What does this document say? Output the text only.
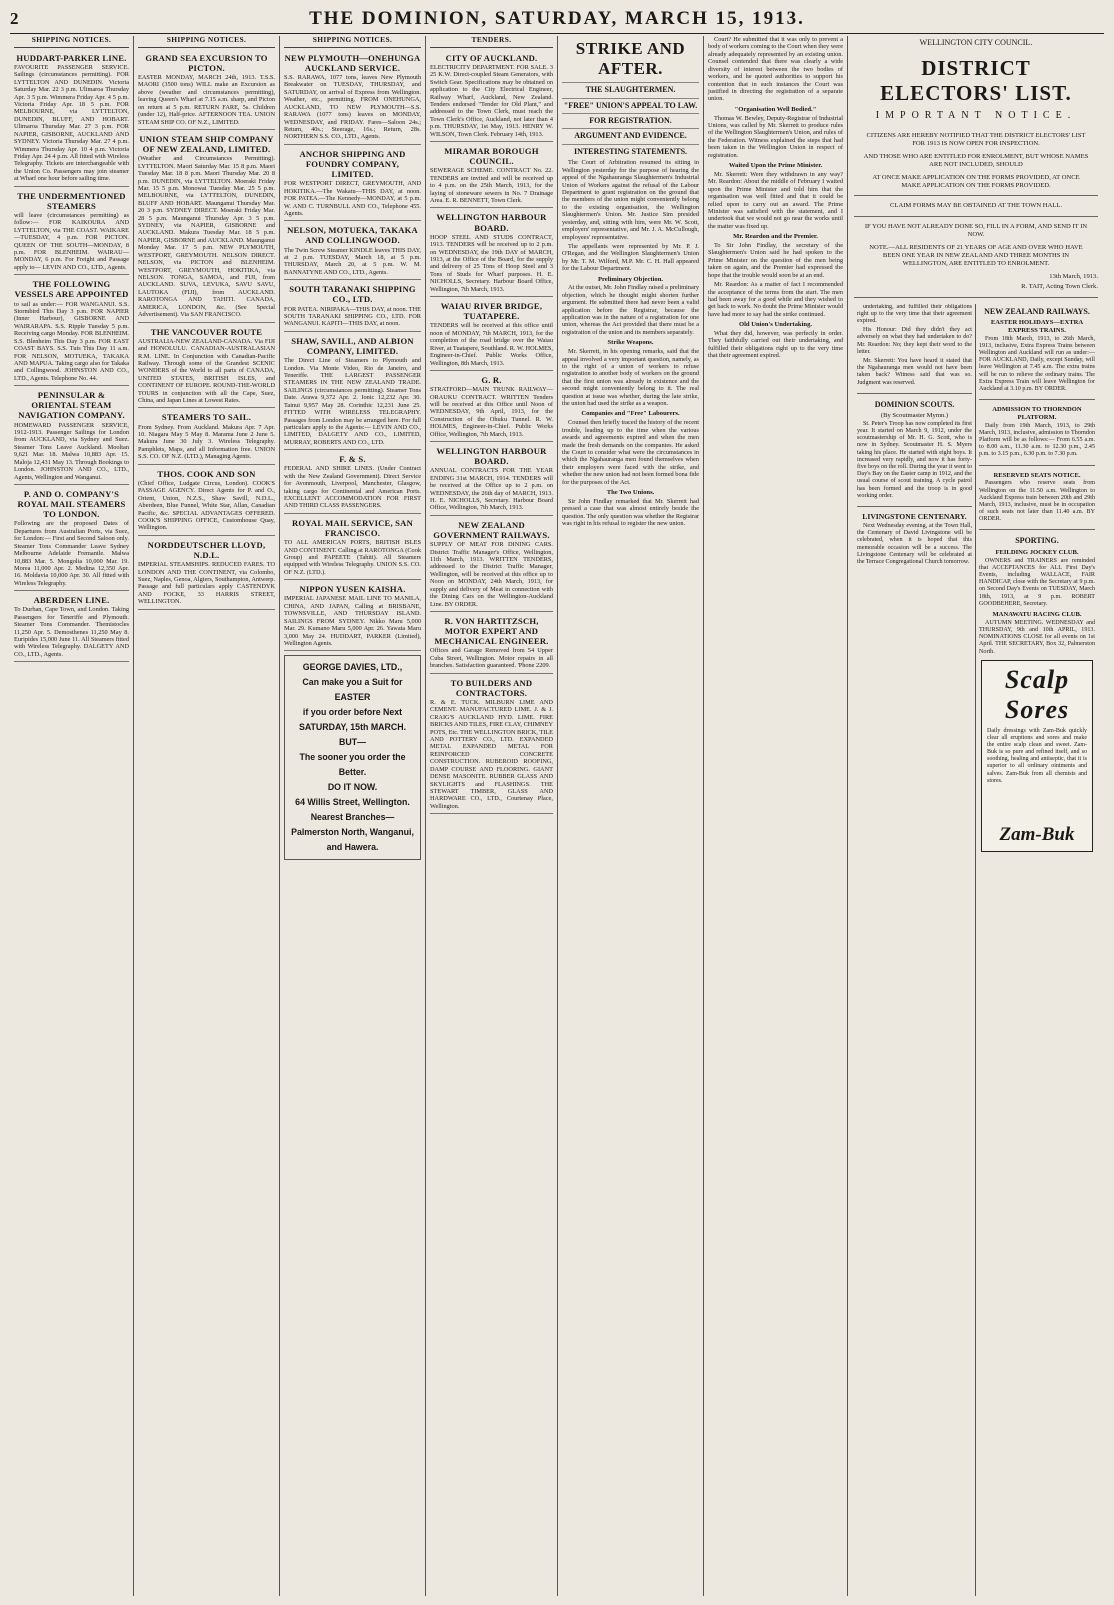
2	THE DOMINION, SATURDAY, MARCH 15, 1913.
SHIPPING NOTICES.
HUDDART-PARKER LINE.

FAVOURITE PASSENGER SERVICE. Sailings (circumstances permitting). FOR LYTTELTON AND DUNEDIN. Victoria Saturday Mar. 22 3 p.m. Ulimaroa Thursday Apr. 3 5 p.m. Wimmera Friday Apr. 4 5 p.m. Victoria Friday Apr. 18 5 p.m. FOR MELBOURNE, via LYTTELTON, DUNEDIN, BLUFF, AND HOBART. Ulimaroa Thursday Mar. 27 3 p.m. FOR NAPIER, GISBORNE, AUCKLAND AND SYDNEY. Victoria Thursday Mar. 27 4 p.m. Wimmera Thursday Apr. 10 4 p.m. Victoria Friday Apr. 24 4 p.m. All fitted with Wireless Telegraphy. Tickets are interchangeable with the Union Co. Passengers may join steamer at Wharf one hour before sailing time.

THE UNDERMENTIONED STEAMERS

will leave (circumstances permitting) as follow:— FOR KAIKOURA AND LYTTELTON, via THE COAST. WAIKARE—TUESDAY, 4 p.m. FOR PICTON. QUEEN OF THE SOUTH—MONDAY, 8 p.m. FOR BLENHEIM. WAIRAU—MONDAY, 6 p.m. For Freight and Passage apply to— LEVIN AND CO., LTD., Agents.

THE FOLLOWING VESSELS ARE APPOINTED

to sail as under:— FOR WANGANUI. S.S. Stormbird This Day 3 p.m. FOR NAPIER (Inner Harbour), GISBORNE AND WAIRARAPA. S.S. Ripple Tuesday 5 p.m. Receiving cargo Monday. FOR BLENHEIM. S.S. Blenheim This Day 3 p.m. FOR EAST COAST BAYS. S.S. Tuis This Day 11 a.m. FOR NELSON, MOTUEKA, TAKAKA AND MAPUA. Taking cargo also for Takaka and Collingwood. JOHNSTON AND CO., LTD., Agents. Telephone No. 44.

PENINSULAR & ORIENTAL STEAM NAVIGATION COMPANY.

HOMEWARD PASSENGER SERVICE, 1912-1913. Passenger Sailings for London from AUCKLAND, via Sydney and Suez. Steamer Tons Leave Auckland. Mooltan 9,621 Mar. 18. Malwa 10,883 Apr. 15. Maloja 12,431 May 13. Through Bookings to London. JOHNSTON AND CO., LTD., Agents, Wellington and Wanganui.

P. AND O. COMPANY'S ROYAL MAIL STEAMERS TO LONDON.

Following are the proposed Dates of Departures from Australian Ports, via Suez, for London:— First and Second Saloon only. Steamer Tons Commander Leave Sydney Melbourne Adelaide Fremantle. Malwa 10,883 Mar. 5. Mongolia 10,000 Mar. 19. Morea 11,000 Apr. 2. Medina 12,350 Apr. 16. Moldavia 10,000 Apr. 30. All fitted with Wireless Telegraphy.

ABERDEEN LINE.

To Durban, Cape Town, and London. Taking Passengers for Teneriffe and Plymouth. Steamer Tons Commander. Themistocles 11,250 Apr. 5. Demosthenes 11,250 May 8. Euripides 15,000 June 11. All Steamers fitted with Wireless Telegraphy. DALGETY AND CO., LTD., Agents.

SHIPPING NOTICES.
GRAND SEA EXCURSION TO PICTON.

EASTER MONDAY, MARCH 24th, 1913. T.S.S. MAORI (3500 tons) WILL make an Excursion as above (weather and circumstances permitting), leaving Queen's Wharf at 7.15 a.m. sharp, and Picton on return at 5 p.m. RETURN FARE, 5s. Children (under 12), Half-price. AFTERNOON TEA. UNION STEAM SHIP CO. OF N.Z., LIMITED.

UNION STEAM SHIP COMPANY OF NEW ZEALAND, LIMITED.

(Weather and Circumstances Permitting). LYTTELTON. Maori Saturday Mar. 15 8 p.m. Maori Tuesday Mar. 18 8 p.m. Maori Thursday Mar. 20 8 p.m. DUNEDIN, via LYTTELTON. Moeraki Friday Mar. 15 5 p.m. Monowai Tuesday Mar. 25 5 p.m. MELBOURNE, via LYTTELTON, DUNEDIN, BLUFF AND HOBART. Maunganui Thursday Mar. 20 3 p.m. SYDNEY DIRECT. Moeraki Friday Mar. 28 5 p.m. Maunganui Thursday Apr. 3 5 p.m. SYDNEY, via NAPIER, GISBORNE and AUCKLAND. Makura Tuesday Mar. 18 5 p.m. NAPIER, GISBORNE and AUCKLAND. Maunganui Monday Mar. 17 5 p.m. NEW PLYMOUTH, WESTPORT, GREYMOUTH. NELSON DIRECT. NELSON, via PICTON and BLENHEIM. WESTPORT, GREYMOUTH, HOKITIKA, via NELSON. TONGA, SAMOA, and FIJI, from AUCKLAND. SUVA, LEVUKA, SAVU SAVU, LAUTOKA (FIJI), from AUCKLAND. RAROTONGA AND TAHITI. CANADA, AMERICA, LONDON, &c. (See Special Advertisement). Via SAN FRANCISCO.

THE VANCOUVER ROUTE

AUSTRALIA-NEW ZEALAND-CANADA. Via FIJI and HONOLULU. CANADIAN-AUSTRALASIAN R.M. LINE. In Conjunction with Canadian-Pacific Railway. Through some of the Grandest SCENIC WONDERS of the World to all parts of CANADA, UNITED STATES, BRITISH ISLES, and CONTINENT OF EUROPE. ROUND-THE-WORLD TOURS in conjunction with all the Cape, Suez, China, and Japan Lines at Lowest Rates.

STEAMERS TO SAIL.

From Sydney. From Auckland. Makura Apr. 7 Apr. 10. Niagara May 5 May 8. Marama June 2 June 5. Makura June 30 July 3. Wireless Telegraphy. Pamphlets, Maps, and all Information free. UNION S.S. CO. OF N.Z. (LTD.), Managing Agents.

THOS. COOK AND SON

(Chief Office, Ludgate Circus, London). COOK'S PASSAGE AGENCY. Direct Agents for P. and O., Orient, Union, N.Z.S., Shaw Savill, N.D.L., Aberdeen, Blue Funnel, White Star, Allan, Canadian Pacific, &c. SPECIAL ADVANTAGES OFFERED. COOK'S SHIPPING OFFICE, Customhouse Quay, Wellington.

NORDDEUTSCHER LLOYD, N.D.L.

IMPERIAL STEAMSHIPS. REDUCED FARES. TO LONDON AND THE CONTINENT, via Colombo, Suez, Naples, Genoa, Algiers, Southampton, Antwerp. Passage and full particulars apply CASTENDYK AND FOCKE, 33 HARRIS STREET, WELLINGTON.

SHIPPING NOTICES.
NEW PLYMOUTH—ONEHUNGA AUCKLAND SERVICE.

S.S. RARAWA, 1077 tons, leaves New Plymouth Breakwater on TUESDAY, THURSDAY, and SATURDAY, on arrival of Express from Wellington. Weather, etc., permitting. FROM ONEHUNGA, AUCKLAND, TO NEW PLYMOUTH—S.S. RARAWA (1077 tons) leaves on MONDAY, WEDNESDAY, and FRIDAY. Fares—Saloon 24s.; Return, 40s.; Steerage, 16s.; Return, 28s. NORTHERN S.S. CO., LTD., Agents.

ANCHOR SHIPPING AND FOUNDRY COMPANY, LIMITED.

FOR WESTPORT DIRECT, GREYMOUTH, AND HOKITIKA.—The Wakatu—THIS DAY, at noon. FOR PATEA.—The Kennedy—MONDAY, at 5 p.m. W. AND C. TURNBULL AND CO., Telephone 455. Agents.

NELSON, MOTUEKA, TAKAKA AND COLLINGWOOD.

The Twin Screw Steamer KINDLE leaves THIS DAY, at 2 p.m. TUESDAY, March 18, at 5 p.m. THURSDAY, March 20, at 5 p.m. W. M. BANNATYNE AND CO., LTD., Agents.

SOUTH TARANAKI SHIPPING CO., LTD.

FOR PATEA. NIRIPAKA—THIS DAY, at noon. THE SOUTH TARANAKI SHIPPING CO., LTD. FOR WANGANUI. KAPITI—THIS DAY, at noon.

SHAW, SAVILL, AND ALBION COMPANY, LIMITED.

The Direct Line of Steamers to Plymouth and London. Via Monte Video, Rio de Janeiro, and Teneriffe. THE LARGEST PASSENGER STEAMERS IN THE NEW ZEALAND TRADE. SAILINGS (circumstances permitting). Steamer Tons Date. Arawa 9,372 Apr. 2. Ionic 12,232 Apr. 30. Tainui 9,957 May 28. Corinthic 12,231 June 25. FITTED WITH WIRELESS TELEGRAPHY. Passages from London may be arranged here. For full particulars apply to the Agents:— LEVIN AND CO., LIMITED, DALGETY AND CO., LIMITED, MURRAY, ROBERTS AND CO., LTD.

F. & S.

FEDERAL AND SHIRE LINES. (Under Contract with the New Zealand Government). Direct Service for Avonmouth, Liverpool, Manchester, Glasgow, taking cargo for Continental and American Ports. EXCELLENT ACCOMMODATION FOR FIRST AND THIRD CLASS PASSENGERS.

ROYAL MAIL SERVICE, SAN FRANCISCO.

TO ALL AMERICAN PORTS, BRITISH ISLES AND CONTINENT. Calling at RAROTONGA (Cook Group) and PAPEETE (Tahiti). All Steamers equipped with Wireless Telegraphy. UNION S.S. CO. OF N.Z. (LTD.).

NIPPON YUSEN KAISHA.

IMPERIAL JAPANESE MAIL LINE TO MANILA, CHINA, AND JAPAN, Calling at BRISBANE, TOWNSVILLE, AND THURSDAY ISLAND. SAILINGS FROM SYDNEY. Nikko Maru 5,000 Mar. 29. Kumano Maru 5,000 Apr. 26. Yawata Maru 3,000 May 24. HUDDART, PARKER (Limited), Wellington Agents.

GEORGE DAVIES, LTD.,
Can make you a Suit for
EASTER
if you order before Next
SATURDAY, 15th MARCH.
BUT—
The sooner you order the
Better.
DO IT NOW.
64 Willis Street, Wellington.
Nearest Branches—Palmerston North, Wanganui, and Hawera.
TENDERS.
CITY OF AUCKLAND.

ELECTRICITY DEPARTMENT. FOR SALE. 3 25 K.W. Direct-coupled Steam Generators, with Switch Gear. Specifications may be obtained on application to the City Electrical Engineer, Railway Wharf, Auckland, New Zealand. Tenders endorsed "Tender for Old Plant," and addressed to the Town Clerk, must reach the Town Clerk's Office, Auckland, not later than 4 p.m. THURSDAY, 1st May, 1913. HENRY W. WILSON, Town Clerk. February 14th, 1913.

MIRAMAR BOROUGH COUNCIL.

SEWERAGE SCHEME. CONTRACT No. 22. TENDERS are invited and will be received up to 4 p.m. on the 25th March, 1913, for the laying of stoneware sewers in No. 7 Drainage Area. E. R. BENNETT, Town Clerk.

WELLINGTON HARBOUR BOARD.

HOOP STEEL AND STUDS CONTRACT, 1913. TENDERS will be received up to 2 p.m. on WEDNESDAY, the 19th DAY of MARCH, 1913, at the Office of the Board, for the supply and delivery of 25 Tons of Hoop Steel and 3 Tons of Studs for Wharf purposes. H. E. NICHOLLS, Secretary. Harbour Board Office, Wellington, 7th March, 1913.

WAIAU RIVER BRIDGE, TUATAPERE.

TENDERS will be received at this office until noon of MONDAY, 7th MARCH, 1913, for the completion of the road bridge over the Waiau River, at Tuatapere, Southland. R. W. HOLMES, Engineer-in-Chief. Public Works Office, Wellington, 8th March, 1913.

G. R.

STRATFORD—MAIN TRUNK RAILWAY—ORAUKU CONTRACT. WRITTEN Tenders will be received at this Office until Noon of WEDNESDAY, 9th April, 1913, for the Construction of the Ohuku Tunnel. R. W. HOLMES, Engineer-in-Chief. Public Works Office, Wellington, 7th March, 1913.

WELLINGTON HARBOUR BOARD.

ANNUAL CONTRACTS FOR THE YEAR ENDING 31st MARCH, 1914. TENDERS will be received at the Office up to 2 p.m. on WEDNESDAY, the 26th day of MARCH, 1913. H. E. NICHOLLS, Secretary. Harbour Board Office, Wellington, 7th March, 1913.

NEW ZEALAND GOVERNMENT RAILWAYS.

SUPPLY OF MEAT FOR DINING CARS. District Traffic Manager's Office, Wellington, 11th March, 1913. WRITTEN TENDERS, addressed to the District Traffic Manager, Wellington, will be received at this office up to Noon on MONDAY, 24th March, 1913, for supply and delivery of Meat in connection with the Dining Cars on the Wellington-Auckland Line. BY ORDER.

R. VON HARTITZSCH, MOTOR EXPERT AND MECHANICAL ENGINEER.

Offices and Garage Removed from 54 Upper Cuba Street, Wellington. Motor repairs in all branches. Satisfaction guaranteed. 'Phone 2209.

TO BUILDERS AND CONTRACTORS.

R. & E. TUCK. MILBURN LIME AND CEMENT. MANUFACTURED LIME. J. & J. CRAIG'S AUCKLAND HYD. LIME. FIRE BRICKS AND TILES, FIRE CLAY, CHIMNEY POTS, Etc. THE WELLINGTON BRICK, TILE AND POTTERY CO., LTD. EXPANDED METAL EXPANDED METAL FOR REINFORCED CONCRETE CONSTRUCTION. RUBEROID ROOFING, DAMP COURSE AND FLOORING. GIANT DENSE MASONITE. RUBBER GLASS AND SKYLIGHTS and FLASHINGS. THE STEWART TIMBER, GLASS AND HARDWARE CO., LTD., Courtenay Place, Wellington.

STRIKE AND AFTER.
THE SLAUGHTERMEN.
"FREE" UNION'S APPEAL TO LAW.
FOR REGISTRATION.
ARGUMENT AND EVIDENCE.
INTERESTING STATEMENTS.

The Court of Arbitration resumed its sitting in Wellington yesterday for the purpose of hearing the appeal of the Ngahauranga Slaughtermen's Industrial Union of Workers against the refusal of the Labour Department to grant registration on the ground that the members of the union might conveniently belong to the existing organisation, the Wellington Slaughtermen's Union. Mr. Justice Sim presided yesterday, and, sitting with him, were Mr. W. Scott, employers' representative, and Mr. J. A. McCullough, employees' representative.

The appellants were represented by Mr. P. J. O'Regan, and the Wellington Slaughtermen's Union by Mr. T. M. Wilford, M.P. Mr. C. H. Hall appeared for the Labour Department.

Preliminary Objection.

At the outset, Mr. John Findlay raised a preliminary objection, which he thought might shorten further argument. He submitted there had never been a valid application before the Registrar, because the application was in the nature of a registration for one union, whereas the Act provided that there must be a registration of the union and its members separately.

Strike Weapons.

Mr. Skerrett, in his opening remarks, said that the appeal involved a very important question, namely, as to the right of a union of workers to refuse registration to another body of workers on the ground that the first union was already in existence and the second might conveniently belong to it. The real question at issue was whether, during the late strike, the union had used the strike as a weapon.

Companies and "Free" Labourers.

Counsel then briefly traced the history of the recent trouble, leading up to the time when the various awards and agreements expired and when the men made the fresh demands on the companies. He asked the Court to consider what were the circumstances in which the Ngahauranga men found themselves when their employers were faced with the strike, and whether the new union had not been formed bona fide for the purposes of the Act.

The Two Unions.

Sir John Findlay remarked that Mr. Skerrett had pressed a case that was almost entirely beside the question. The only question was whether the Registrar was right in his refusal to register the new union.

Court? He submitted that it was only to prevent a body of workers coming to the Court when they were already adequately represented by an existing union. Counsel contended that there was clearly a wide diversity of interest between the two bodies of workers, and he quoted authorities to support his contention that in such instances the Court was justified in directing the registration of a separate union.

"Organisation Well Bodied."

Thomas W. Bewley, Deputy-Registrar of Industrial Unions, was called by Mr. Skerrett to produce rules of the Wellington Slaughtermen's Union, and rules of the Federation. Witness explained the steps that had been taken in the Wellington Union in respect of registration.

Waited Upon the Prime Minister.

Mr. Skerrett: Were they withdrawn in any way? Mr. Reardon: About the middle of February I waited upon the Prime Minister and told him that the organisation was well fitted and that it could be relied upon to carry out an award. The Prime Minister was satisfied with the statement, and I undertook that we would not go near the works until the matter was fixed up.

Mr. Reardon and the Premier.

To Sir John Findlay, the secretary of the Slaughtermen's Union said he had spoken to the Prime Minister on the question of the men being taken on again, and the Premier had expressed the hope that the trouble would soon be at an end.

Mr. Reardon: As a matter of fact I recommended the acceptance of the terms from the start. The men had been away for a good while and they wished to get back to work. No doubt the Prime Minister would have had more to say had the strike continued.

Old Union's Undertaking.

What they did, however, was perfectly in order. They faithfully carried out their undertaking, and fulfilled their obligations right up to the very time that their agreement expired.

WELLINGTON CITY COUNCIL.
DISTRICT ELECTORS' LIST.
IMPORTANT NOTICE.
CITIZENS ARE HEREBY NOTIFIED THAT THE DISTRICT ELECTORS' LIST FOR 1913 IS NOW OPEN FOR INSPECTION.
AND THOSE WHO ARE ENTITLED FOR ENROLMENT, BUT WHOSE NAMES ARE NOT INCLUDED, SHOULD
AT ONCE MAKE APPLICATION ON THE FORMS PROVIDED, AT ONCE MAKE APPLICATION ON THE FORMS PROVIDED.
CLAIM FORMS MAY BE OBTAINED AT THE TOWN HALL.
IF YOU HAVE NOT ALREADY DONE SO, FILL IN A FORM, AND SEND IT IN NOW.
NOTE.—ALL RESIDENTS OF 21 YEARS OF AGE AND OVER WHO HAVE BEEN ONE YEAR IN NEW ZEALAND AND THREE MONTHS IN WELLINGTON, ARE ENTITLED TO ENROLMENT.
13th March, 1913.
R. TAIT, Acting Town Clerk.

undertaking, and fulfilled their obligations right up to the very time that their agreement expired.

His Honour: Did they didn't they act adversely on what they had undertaken to do? Mr. Reardon: No; they kept their word to the letter.

Mr. Skerrett: You have heard it stated that the Ngahauranga men would not have been taken back? Witness said that was so. Judgment was reserved.

DOMINION SCOUTS.
(By Scoutmaster Mymn.)

St. Peter's Troop has now completed its first year. It started on March 9, 1912, under the scoutmastership of Mr. H. G. Scott, who is now in Sydney. Scoutmaster H. S. Myers taking his place. He started with eight boys. It increased very rapidly, and now it has forty-five boys on the roll. During the year it went to Day's Bay on the Easter camp in 1912, and the usual course of scout training. A cycle patrol has been formed and the troop is in good working order.

LIVINGSTONE CENTENARY.

Next Wednesday evening, at the Town Hall, the Centenary of David Livingstone will be celebrated, when it is hoped that this memorable occasion will be a success. The Livingstone Centenary will be celebrated at the Terrace Congregational Church tomorrow.

NEW ZEALAND RAILWAYS.
EASTER HOLIDAYS—EXTRA EXPRESS TRAINS.

From 18th March, 1913, to 26th March, 1913, inclusive, Extra Express Trains between Wellington and Auckland will run as under:— FOR AUCKLAND, Daily, except Sunday, will leave Wellington at 7.45 a.m. The extra trains will be run to relieve the ordinary trains. The Extra Express Train will leave Wellington for Auckland at 3.10 p.m. BY ORDER.

ADMISSION TO THORNDON PLATFORM.

Daily from 19th March, 1913, to 29th March, 1913, inclusive, admission to Thorndon Platform will be as follows:— From 6.55 a.m. to 8.00 a.m., 11.30 a.m. to 12.30 p.m., 2.45 p.m. to 3.15 p.m., 6.30 p.m. to 7.30 p.m.

RESERVED SEATS NOTICE.

Passengers who reserve seats from Wellington on the 11.50 a.m. Wellington to Auckland Express train between 20th and 29th March, 1913, inclusive, must be in occupation of such seats not later than 11.40 a.m. BY ORDER.

SPORTING.
FEILDING JOCKEY CLUB.

OWNERS and TRAINERS are reminded that ACCEPTANCES for ALL First Day's Events, including WALLACE, FAIR HANDICAP, close with the Secretary at 9 p.m. on Second Day's Events on TUESDAY, March 18th, 1913, at 9 p.m. ROBERT GOODBEHERE, Secretary.

MANAWATU RACING CLUB.

AUTUMN MEETING. WEDNESDAY and THURSDAY, 9th and 10th APRIL, 1913. NOMINATIONS CLOSE for all events on 1st April. THE SECRETARY, Box 32, Palmerston North.

Scalp Sores
Daily dressings with Zam-Buk quickly clear all eruptions and sores and make the entire scalp clean and sweet. Zam-Buk is so pure and refined itself, and so soothing, healing and antiseptic, that it is superior to all ordinary ointments and salves. Zam-Buk from all chemists and stores.
Zam-Buk
